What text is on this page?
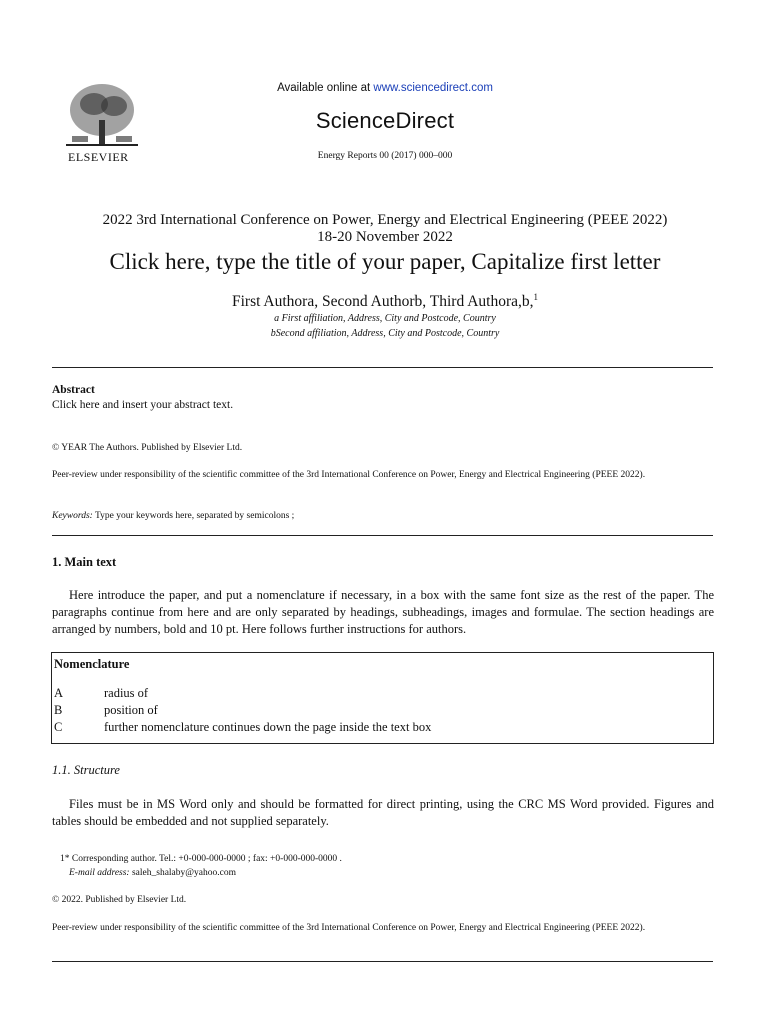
ELSEVIER
Available online at www.sciencedirect.com
ScienceDirect
Energy Reports 00 (2017) 000–000
2022 3rd International Conference on Power, Energy and Electrical Engineering (PEEE 2022)
18-20 November 2022
Click here, type the title of your paper, Capitalize first letter
First Authora, Second Authorb, Third Authora,b,$^1$
a First affiliation, Address, City and Postcode, Country
bSecond affiliation, Address, City and Postcode, Country
Abstract
Click here and insert your abstract text.
© YEAR The Authors. Published by Elsevier Ltd.
Peer-review under responsibility of the scientific committee of the 3rd International Conference on Power, Energy and Electrical Engineering (PEEE 2022).
Keywords: Type your keywords here, separated by semicolons ;
1. Main text
Here introduce the paper, and put a nomenclature if necessary, in a box with the same font size as the rest of the paper. The paragraphs continue from here and are only separated by headings, subheadings, images and formulae. The section headings are arranged by numbers, bold and 10 pt. Here follows further instructions for authors.
Nomenclature
A	radius of
B	position of
C	further nomenclature continues down the page inside the text box
1.1. Structure
Files must be in MS Word only and should be formatted for direct printing, using the CRC MS Word provided. Figures and tables should be embedded and not supplied separately.
1* Corresponding author. Tel.: +0-000-000-0000 ; fax: +0-000-000-0000 .
E-mail address: saleh_shalaby@yahoo.com
© 2022. Published by Elsevier Ltd.
Peer-review under responsibility of the scientific committee of the 3rd International Conference on Power, Energy and Electrical Engineering (PEEE 2022).
